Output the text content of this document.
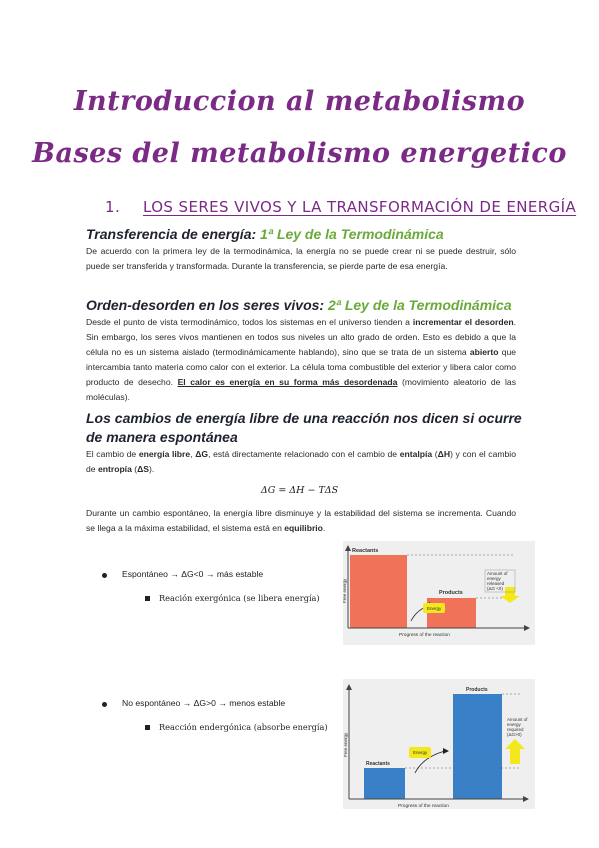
Introduccion al metabolismo
Bases del metabolismo energetico
1. LOS SERES VIVOS Y LA TRANSFORMACIÓN DE ENERGÍA
Transferencia de energía: 1ª Ley de la Termodinámica
De acuerdo con la primera ley de la termodinámica, la energía no se puede crear ni se puede destruir, sólo puede ser transferida y transformada. Durante la transferencia, se pierde parte de esa energía.
Orden-desorden en los seres vivos: 2ª Ley de la Termodinámica
Desde el punto de vista termodinámico, todos los sistemas en el universo tienden a incrementar el desorden. Sin embargo, los seres vivos mantienen en todos sus niveles un alto grado de orden. Esto es debido a que la célula no es un sistema aislado (termodinámicamente hablando), sino que se trata de un sistema abierto que intercambia tanto materia como calor con el exterior. La célula toma combustible del exterior y libera calor como producto de desecho. El calor es energía en su forma más desordenada (movimiento aleatorio de las moléculas).
Los cambios de energía libre de una reacción nos dicen si ocurre de manera espontánea
El cambio de energía libre, ΔG, está directamente relacionado con el cambio de entalpía (ΔH) y con el cambio de entropía (ΔS).
ΔG = ΔH − TΔS
Durante un cambio espontáneo, la energía libre disminuye y la estabilidad del sistema se incrementa. Cuando se llega a la máxima estabilidad, el sistema está en equilibrio.
Espontáneo → ΔG<0 → más estable
Reación exergónica (se libera energía)
No espontáneo → ΔG>0 → menos estable
Reacción endergónica (absorbe energía)
Reactants
Products
Energy
Free energy
Progress of the reaction
Amount of
energy
released
(ΔG <0)
Reactants
Products
Energy
Free energy
Progress of the reaction
Amount of
energy
required
(ΔG>0)
